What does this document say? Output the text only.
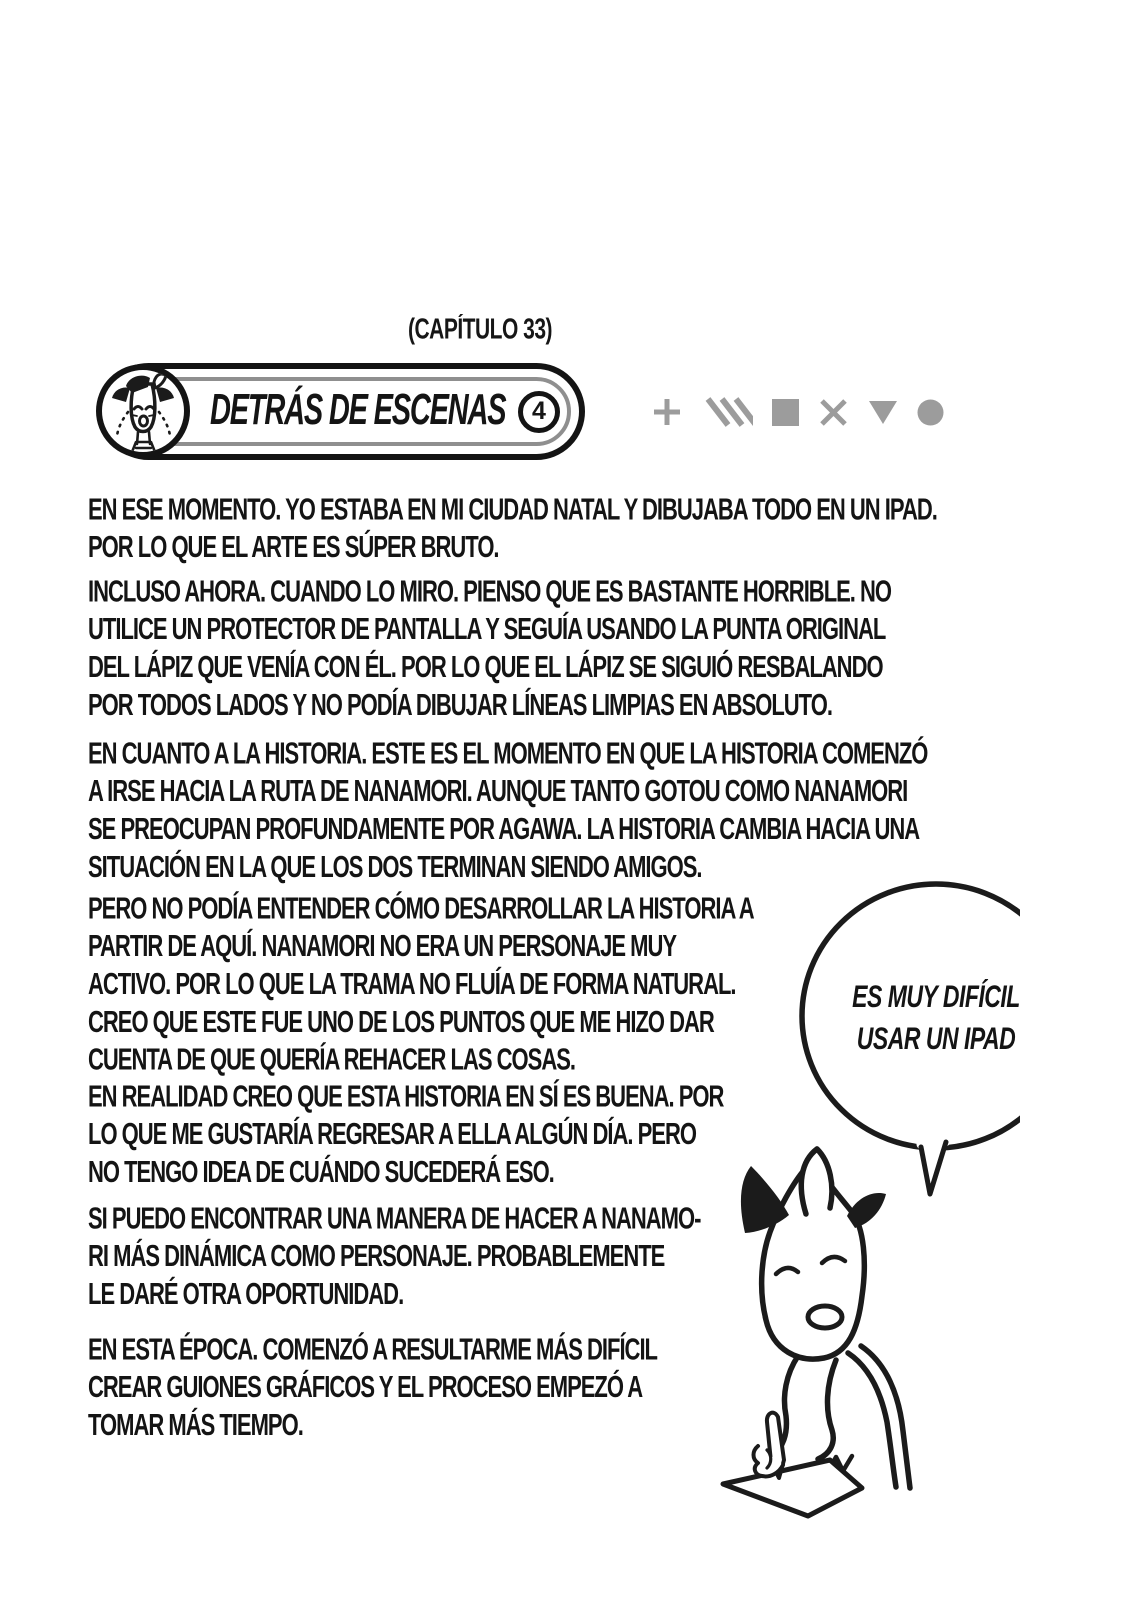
(CAPÍTULO 33)
DETRÁS DE ESCENAS 4
EN ESE MOMENTO. YO ESTABA EN MI CIUDAD NATAL Y DIBUJABA TODO EN UN IPAD.
POR LO QUE EL ARTE ES SÚPER BRUTO.
INCLUSO AHORA. CUANDO LO MIRO. PIENSO QUE ES BASTANTE HORRIBLE. NO
UTILICE UN PROTECTOR DE PANTALLA Y SEGUÍA USANDO LA PUNTA ORIGINAL
DEL LÁPIZ QUE VENÍA CON ÉL. POR LO QUE EL LÁPIZ SE SIGUIÓ RESBALANDO
POR TODOS LADOS Y NO PODÍA DIBUJAR LÍNEAS LIMPIAS EN ABSOLUTO.
EN CUANTO A LA HISTORIA. ESTE ES EL MOMENTO EN QUE LA HISTORIA COMENZÓ
A IRSE HACIA LA RUTA DE NANAMORI. AUNQUE TANTO GOTOU COMO NANAMORI
SE PREOCUPAN PROFUNDAMENTE POR AGAWA. LA HISTORIA CAMBIA HACIA UNA
SITUACIÓN EN LA QUE LOS DOS TERMINAN SIENDO AMIGOS.
PERO NO PODÍA ENTENDER CÓMO DESARROLLAR LA HISTORIA A
PARTIR DE AQUÍ. NANAMORI NO ERA UN PERSONAJE MUY
ACTIVO. POR LO QUE LA TRAMA NO FLUÍA DE FORMA NATURAL.
CREO QUE ESTE FUE UNO DE LOS PUNTOS QUE ME HIZO DAR
CUENTA DE QUE QUERÍA REHACER LAS COSAS.
EN REALIDAD CREO QUE ESTA HISTORIA EN SÍ ES BUENA. POR
LO QUE ME GUSTARÍA REGRESAR A ELLA ALGÚN DÍA. PERO
NO TENGO IDEA DE CUÁNDO SUCEDERÁ ESO.
SI PUEDO ENCONTRAR UNA MANERA DE HACER A NANAMO-
RI MÁS DINÁMICA COMO PERSONAJE. PROBABLEMENTE
LE DARÉ OTRA OPORTUNIDAD.
EN ESTA ÉPOCA. COMENZÓ A RESULTARME MÁS DIFÍCIL
CREAR GUIONES GRÁFICOS Y EL PROCESO EMPEZÓ A
TOMAR MÁS TIEMPO.
ES MUY DIFÍCIL
USAR UN IPAD
